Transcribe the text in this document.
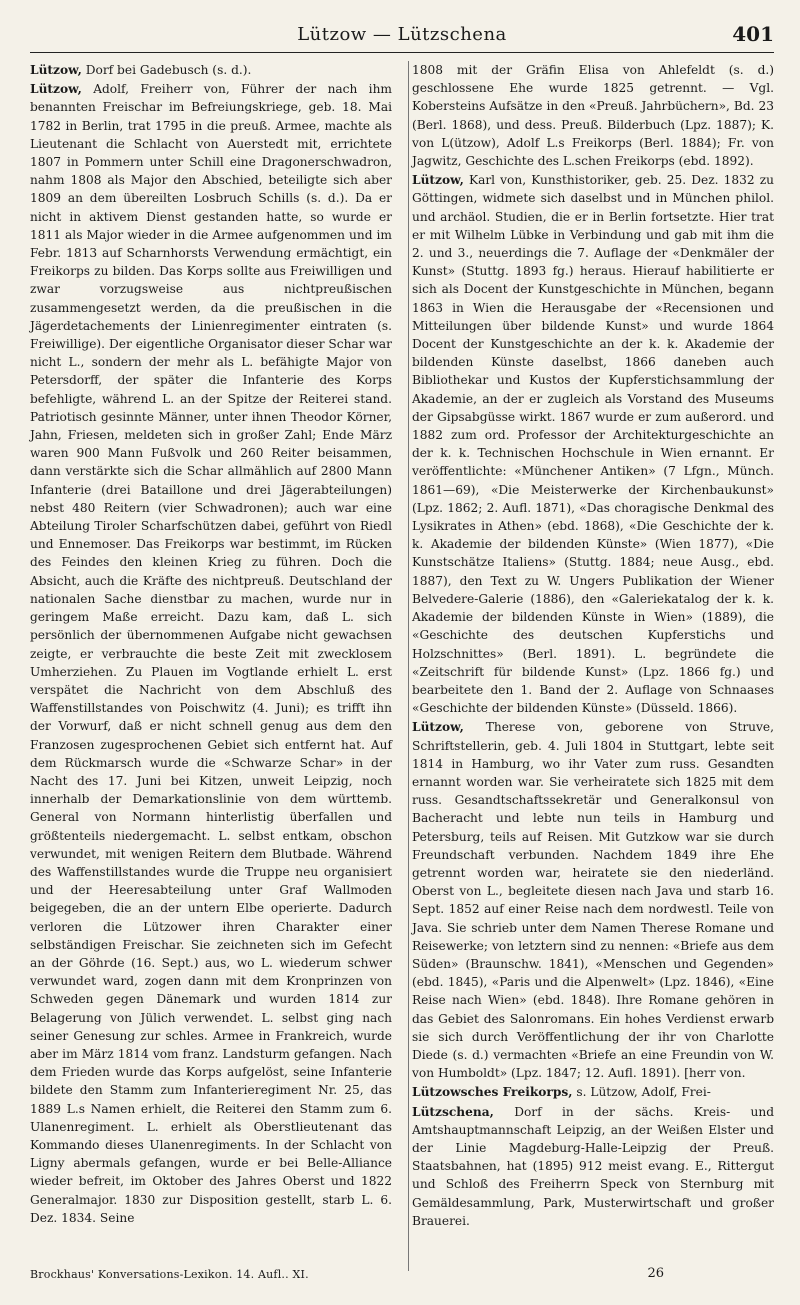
Lützow — Lützschena	401

Lützow, Dorf bei Gadebusch (s. d.).

Lützow, Adolf, Freiherr von, Führer der nach ihm benannten Freischar im Befreiungskriege, geb. 18. Mai 1782 in Berlin, trat 1795 in die preuß. Armee, machte als Lieutenant die Schlacht von Auerstedt mit, errichtete 1807 in Pommern unter Schill eine Dragonerschwadron, nahm 1808 als Major den Abschied, beteiligte sich aber 1809 an dem übereilten Losbruch Schills (s. d.). Da er nicht in aktivem Dienst gestanden hatte, so wurde er 1811 als Major wieder in die Armee aufgenommen und im Febr. 1813 auf Scharnhorsts Verwendung ermächtigt, ein Freikorps zu bilden. Das Korps sollte aus Freiwilligen und zwar vorzugsweise aus nichtpreußischen zusammengesetzt werden, da die preußischen in die Jägerdetachements der Linienregimenter eintraten (s. Freiwillige). Der eigentliche Organisator dieser Schar war nicht L., sondern der mehr als L. befähigte Major von Petersdorff, der später die Infanterie des Korps befehligte, während L. an der Spitze der Reiterei stand. Patriotisch gesinnte Männer, unter ihnen Theodor Körner, Jahn, Friesen, meldeten sich in großer Zahl; Ende März waren 900 Mann Fußvolk und 260 Reiter beisammen, dann verstärkte sich die Schar allmählich auf 2800 Mann Infanterie (drei Bataillone und drei Jägerabteilungen) nebst 480 Reitern (vier Schwadronen); auch war eine Abteilung Tiroler Scharfschützen dabei, geführt von Riedl und Ennemoser. Das Freikorps war bestimmt, im Rücken des Feindes den kleinen Krieg zu führen. Doch die Absicht, auch die Kräfte des nichtpreuß. Deutschland der nationalen Sache dienstbar zu machen, wurde nur in geringem Maße erreicht. Dazu kam, daß L. sich persönlich der übernommenen Aufgabe nicht gewachsen zeigte, er verbrauchte die beste Zeit mit zwecklosem Umherziehen. Zu Plauen im Vogtlande erhielt L. erst verspätet die Nachricht von dem Abschluß des Waffenstillstandes von Poischwitz (4. Juni); es trifft ihn der Vorwurf, daß er nicht schnell genug aus dem den Franzosen zugesprochenen Gebiet sich entfernt hat. Auf dem Rückmarsch wurde die «Schwarze Schar» in der Nacht des 17. Juni bei Kitzen, unweit Leipzig, noch innerhalb der Demarkationslinie von dem württemb. General von Normann hinterlistig überfallen und größtenteils niedergemacht. L. selbst entkam, obschon verwundet, mit wenigen Reitern dem Blutbade. Während des Waffenstillstandes wurde die Truppe neu organisiert und der Heeresabteilung unter Graf Wallmoden beigegeben, die an der untern Elbe operierte. Dadurch verloren die Lützower ihren Charakter einer selbständigen Freischar. Sie zeichneten sich im Gefecht an der Göhrde (16. Sept.) aus, wo L. wiederum schwer verwundet ward, zogen dann mit dem Kronprinzen von Schweden gegen Dänemark und wurden 1814 zur Belagerung von Jülich verwendet. L. selbst ging nach seiner Genesung zur schles. Armee in Frankreich, wurde aber im März 1814 vom franz. Landsturm gefangen. Nach dem Frieden wurde das Korps aufgelöst, seine Infanterie bildete den Stamm zum Infanterieregiment Nr. 25, das 1889 L.s Namen erhielt, die Reiterei den Stamm zum 6. Ulanenregiment. L. erhielt als Oberstlieutenant das Kommando dieses Ulanenregiments. In der Schlacht von Ligny abermals gefangen, wurde er bei Belle-Alliance wieder befreit, im Oktober des Jahres Oberst und 1822 Generalmajor. 1830 zur Disposition gestellt, starb L. 6. Dez. 1834. Seine

1808 mit der Gräfin Elisa von Ahlefeldt (s. d.) geschlossene Ehe wurde 1825 getrennt. — Vgl. Kobersteins Aufsätze in den «Preuß. Jahrbüchern», Bd. 23 (Berl. 1868), und dess. Preuß. Bilderbuch (Lpz. 1887); K. von L(ützow), Adolf L.s Freikorps (Berl. 1884); Fr. von Jagwitz, Geschichte des L.schen Freikorps (ebd. 1892).

Lützow, Karl von, Kunsthistoriker, geb. 25. Dez. 1832 zu Göttingen, widmete sich daselbst und in München philol. und archäol. Studien, die er in Berlin fortsetzte. Hier trat er mit Wilhelm Lübke in Verbindung und gab mit ihm die 2. und 3., neuerdings die 7. Auflage der «Denkmäler der Kunst» (Stuttg. 1893 fg.) heraus. Hierauf habilitierte er sich als Docent der Kunstgeschichte in München, begann 1863 in Wien die Herausgabe der «Recensionen und Mitteilungen über bildende Kunst» und wurde 1864 Docent der Kunstgeschichte an der k. k. Akademie der bildenden Künste daselbst, 1866 daneben auch Bibliothekar und Kustos der Kupferstichsammlung der Akademie, an der er zugleich als Vorstand des Museums der Gipsabgüsse wirkt. 1867 wurde er zum außerord. und 1882 zum ord. Professor der Architekturgeschichte an der k. k. Technischen Hochschule in Wien ernannt. Er veröffentlichte: «Münchener Antiken» (7 Lfgn., Münch. 1861—69), «Die Meisterwerke der Kirchenbaukunst» (Lpz. 1862; 2. Aufl. 1871), «Das choragische Denkmal des Lysikrates in Athen» (ebd. 1868), «Die Geschichte der k. k. Akademie der bildenden Künste» (Wien 1877), «Die Kunstschätze Italiens» (Stuttg. 1884; neue Ausg., ebd. 1887), den Text zu W. Ungers Publikation der Wiener Belvedere-Galerie (1886), den «Galeriekatalog der k. k. Akademie der bildenden Künste in Wien» (1889), die «Geschichte des deutschen Kupferstichs und Holzschnittes» (Berl. 1891). L. begründete die «Zeitschrift für bildende Kunst» (Lpz. 1866 fg.) und bearbeitete den 1. Band der 2. Auflage von Schnaases «Geschichte der bildenden Künste» (Düsseld. 1866).

Lützow, Therese von, geborene von Struve, Schriftstellerin, geb. 4. Juli 1804 in Stuttgart, lebte seit 1814 in Hamburg, wo ihr Vater zum russ. Gesandten ernannt worden war. Sie verheiratete sich 1825 mit dem russ. Gesandtschaftssekretär und Generalkonsul von Bacheracht und lebte nun teils in Hamburg und Petersburg, teils auf Reisen. Mit Gutzkow war sie durch Freundschaft verbunden. Nachdem 1849 ihre Ehe getrennt worden war, heiratete sie den niederländ. Oberst von L., begleitete diesen nach Java und starb 16. Sept. 1852 auf einer Reise nach dem nordwestl. Teile von Java. Sie schrieb unter dem Namen Therese Romane und Reisewerke; von letztern sind zu nennen: «Briefe aus dem Süden» (Braunschw. 1841), «Menschen und Gegenden» (ebd. 1845), «Paris und die Alpenwelt» (Lpz. 1846), «Eine Reise nach Wien» (ebd. 1848). Ihre Romane gehören in das Gebiet des Salonromans. Ein hohes Verdienst erwarb sie sich durch Veröffentlichung der ihr von Charlotte Diede (s. d.) vermachten «Briefe an eine Freundin von W. von Humboldt» (Lpz. 1847; 12. Aufl. 1891). [herr von.

Lützowsches Freikorps, s. Lützow, Adolf, Frei-

Lützschena, Dorf in der sächs. Kreis- und Amtshauptmannschaft Leipzig, an der Weißen Elster und der Linie Magdeburg-Halle-Leipzig der Preuß. Staatsbahnen, hat (1895) 912 meist evang. E., Rittergut und Schloß des Freiherrn Speck von Sternburg mit Gemäldesammlung, Park, Musterwirtschaft und großer Brauerei.

Brockhaus' Konversations-Lexikon. 14. Aufl.. XI.	26
